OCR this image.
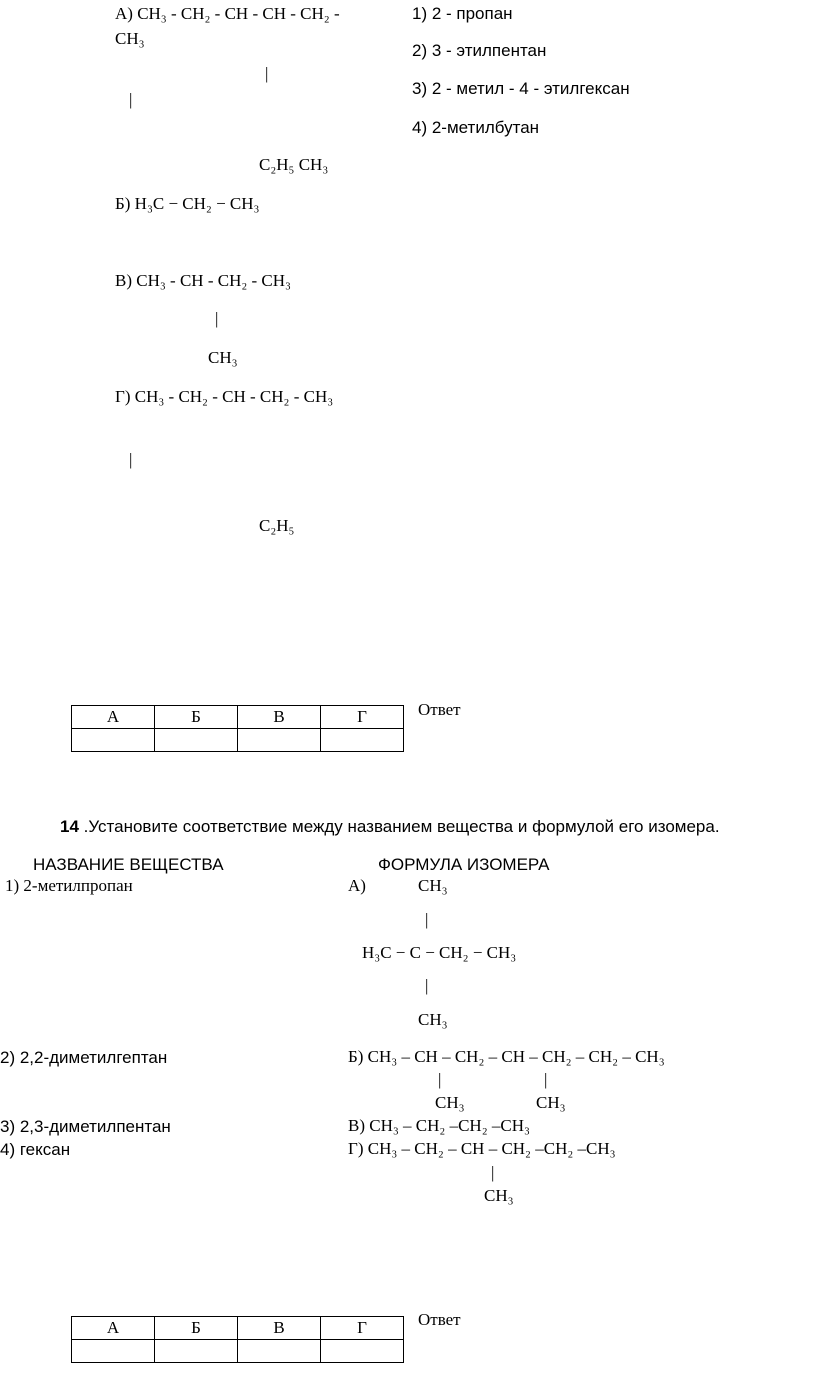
А) CH₃ - CH₂ - CH - CH - CH₂ -
CH₃
|
|
C₂H₅ CH₃
Б) H₃C − CH₂ − CH₃
В) CH₃ - CH - CH₂ - CH₃
|
CH₃
Г) CH₃ - CH₂ - CH - CH₂ - CH₃
|
C₂H₅
1) 2 - пропан
2) 3 - этилпентан
3) 2 - метил - 4 - этилгексан
4) 2-метилбутан
А	Б	В	Г
				Ответ
14 .Установите соответствие между названием вещества и формулой его изомера.
НАЗВАНИЕ ВЕЩЕСТВА	ФОРМУЛА ИЗОМЕРА
1) 2-метилпропан
2) 2,2-диметилгептан
3) 2,3-диметилпентан
4) гексан
А)	CH₃
|
H₃C − C − CH₂ − CH₃
|
CH₃
Б) CH₃ – CH – CH₂ – CH – CH₂ – CH₂ – CH₃
|	|
CH₃	CH₃
В) CH₃ – CH₂ –CH₂ –CH₃
Г) CH₃ – CH₂ – CH – CH₂ –CH₂ –CH₃
|
CH₃
А	Б	В	Г
				Ответ
